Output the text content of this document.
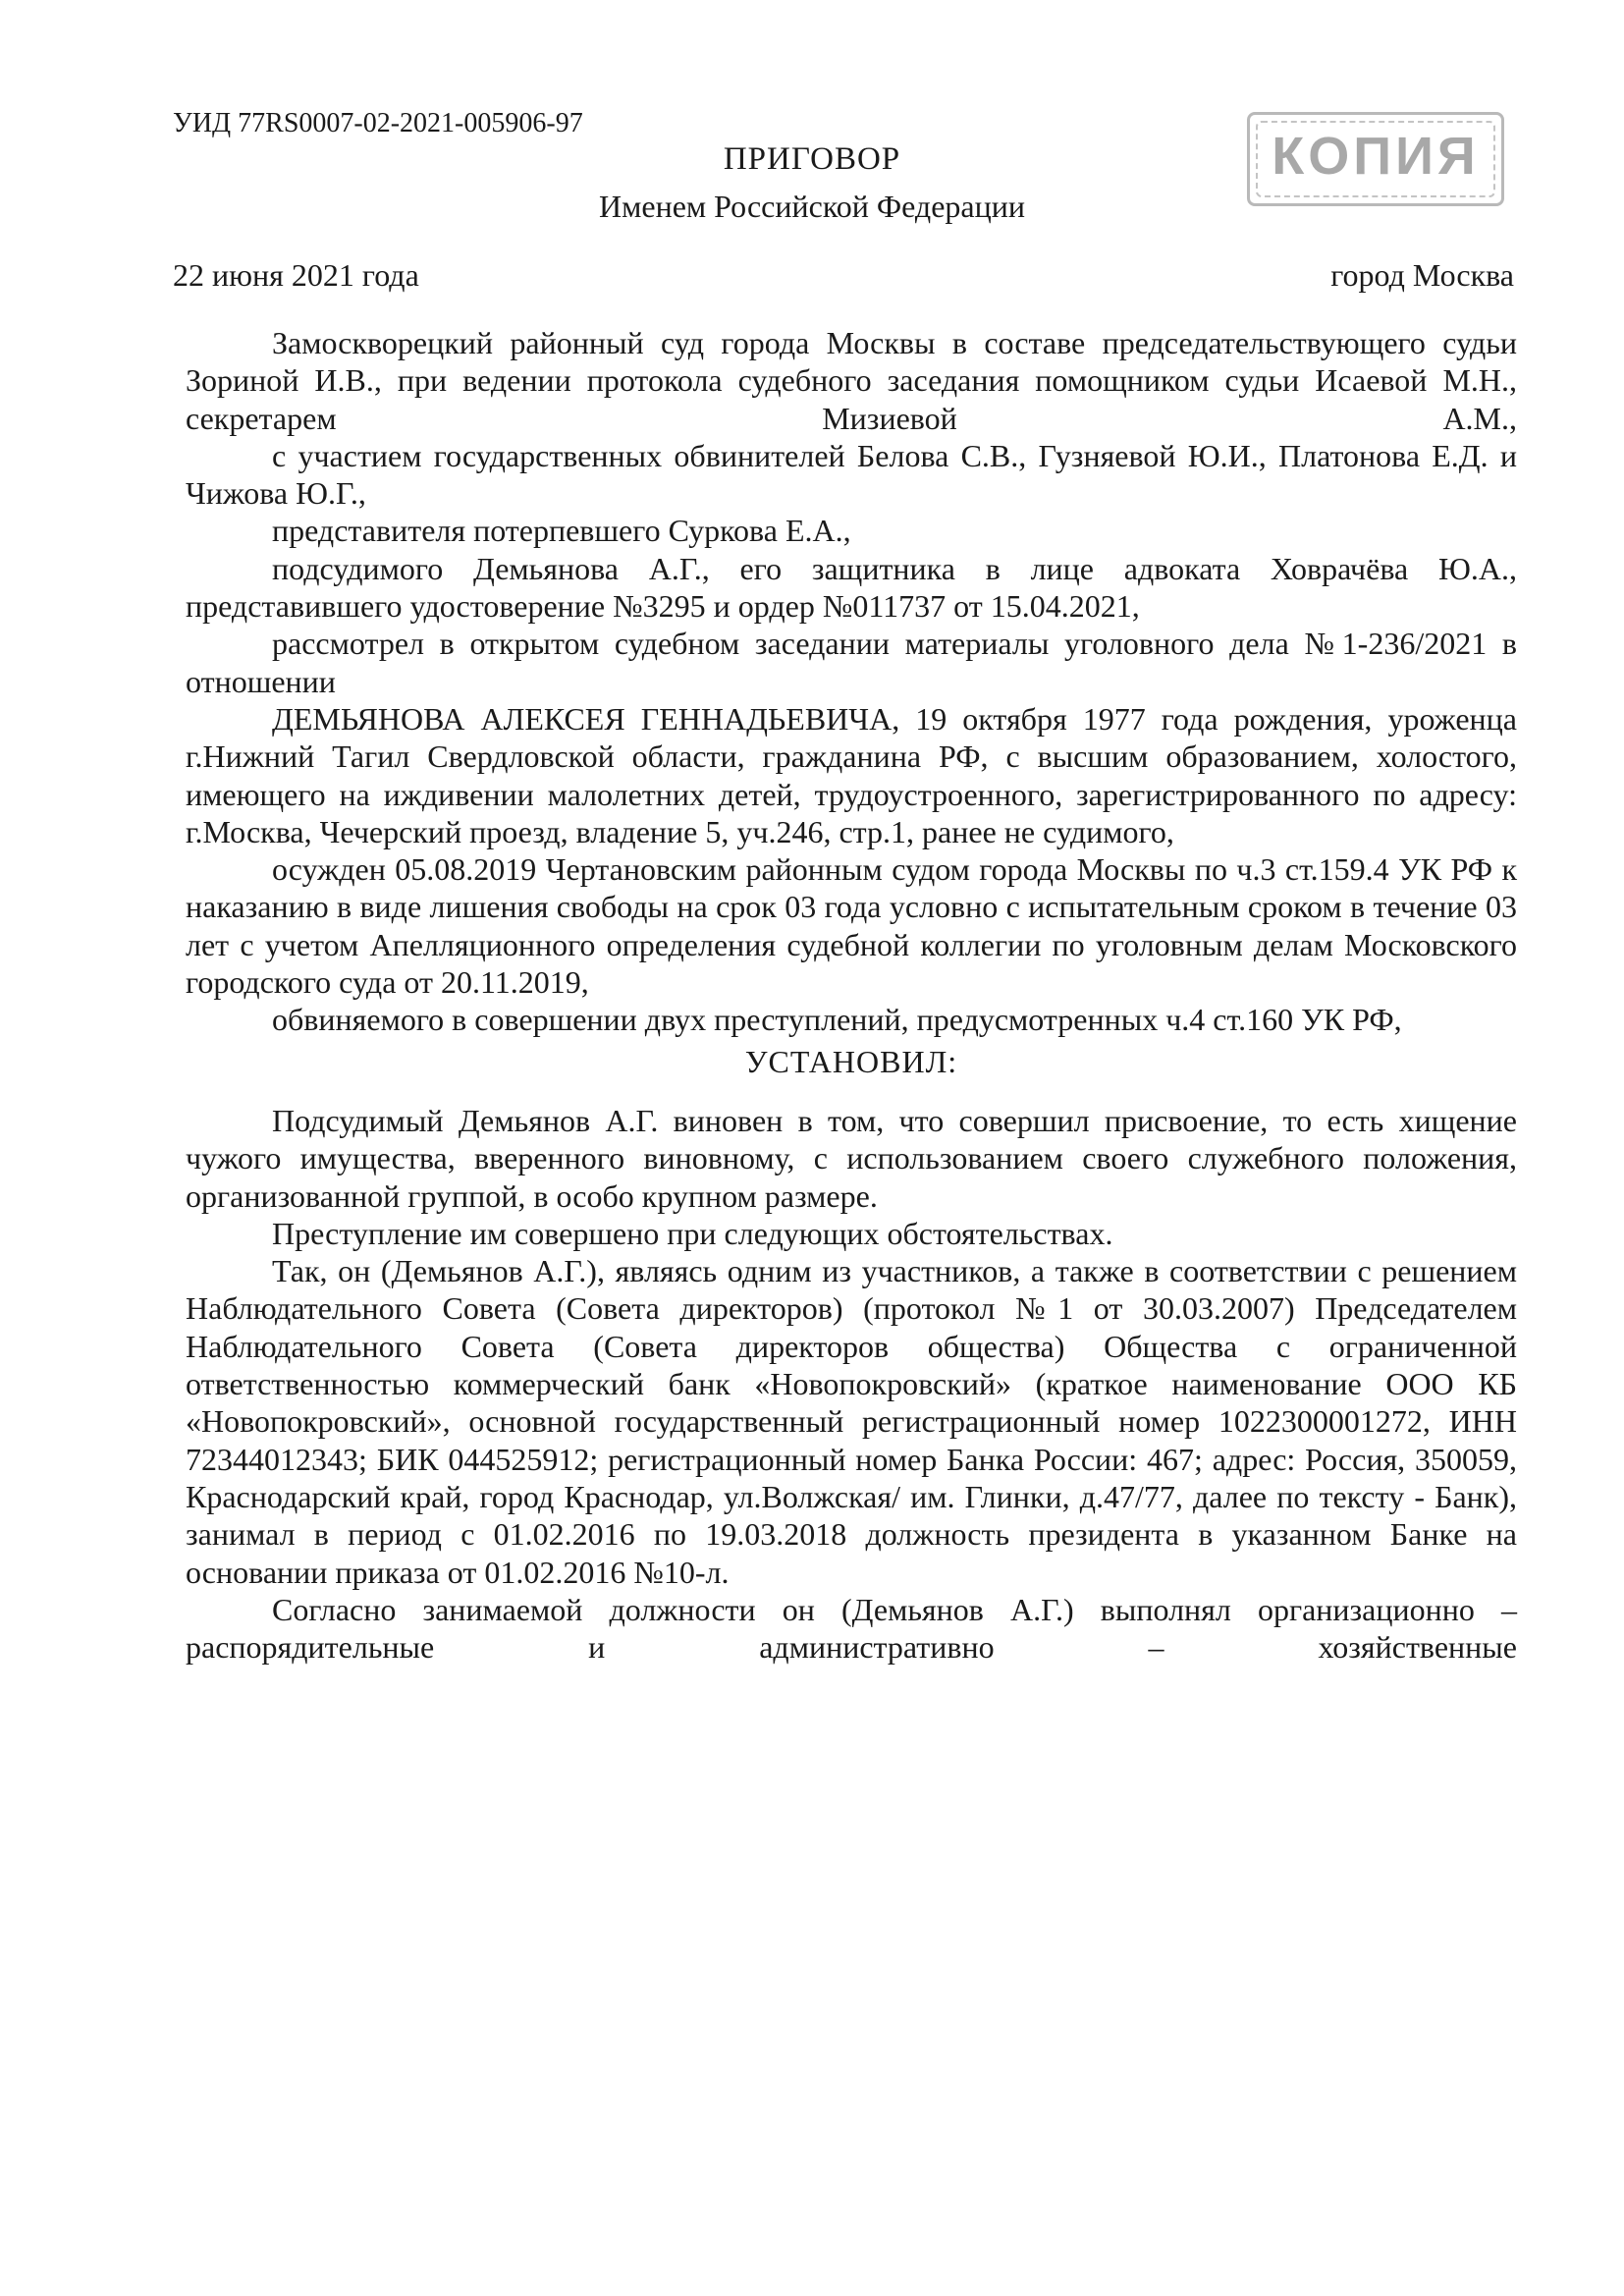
УИД 77RS0007-02-2021-005906-97
КОПИЯ
ПРИГОВОР
Именем Российской Федерации
22 июня 2021 года	город Москва

Замоскворецкий районный суд города Москвы в составе председательствующего судьи Зориной И.В., при ведении протокола судебного заседания помощником судьи Исаевой М.Н., секретарем Мизиевой А.М.,

с участием государственных обвинителей Белова С.В., Гузняевой Ю.И., Платонова Е.Д. и Чижова Ю.Г.,

представителя потерпевшего Суркова Е.А.,

подсудимого Демьянова А.Г., его защитника в лице адвоката Ховрачёва Ю.А., представившего удостоверение №3295 и ордер №011737 от 15.04.2021,

рассмотрел в открытом судебном заседании материалы уголовного дела №1-236/2021 в отношении

ДЕМЬЯНОВА АЛЕКСЕЯ ГЕННАДЬЕВИЧА, 19 октября 1977 года рождения, уроженца г.Нижний Тагил Свердловской области, гражданина РФ, с высшим образованием, холостого, имеющего на иждивении малолетних детей, трудоустроенного, зарегистрированного по адресу: г.Москва, Чечерский проезд, владение 5, уч.246, стр.1, ранее не судимого,

осужден 05.08.2019 Чертановским районным судом города Москвы по ч.3 ст.159.4 УК РФ к наказанию в виде лишения свободы на срок 03 года условно с испытательным сроком в течение 03 лет с учетом Апелляционного определения судебной коллегии по уголовным делам Московского городского суда от 20.11.2019,

обвиняемого в совершении двух преступлений, предусмотренных ч.4 ст.160 УК РФ,

УСТАНОВИЛ:

Подсудимый Демьянов А.Г. виновен в том, что совершил присвоение, то есть хищение чужого имущества, вверенного виновному, с использованием своего служебного положения, организованной группой, в особо крупном размере.

Преступление им совершено при следующих обстоятельствах.

Так, он (Демьянов А.Г.), являясь одним из участников, а также в соответствии с решением Наблюдательного Совета (Совета директоров) (протокол №1 от 30.03.2007) Председателем Наблюдательного Совета (Совета директоров общества) Общества с ограниченной ответственностью коммерческий банк «Новопокровский» (краткое наименование ООО КБ «Новопокровский», основной государственный регистрационный номер 1022300001272, ИНН 72344012343; БИК 044525912; регистрационный номер Банка России: 467; адрес: Россия, 350059, Краснодарский край, город Краснодар, ул.Волжская/ им. Глинки, д.47/77, далее по тексту - Банк), занимал в период с 01.02.2016 по 19.03.2018 должность президента в указанном Банке на основании приказа от 01.02.2016 №10-л.

Согласно занимаемой должности он (Демьянов А.Г.) выполнял организационно – распорядительные и административно – хозяйственные
